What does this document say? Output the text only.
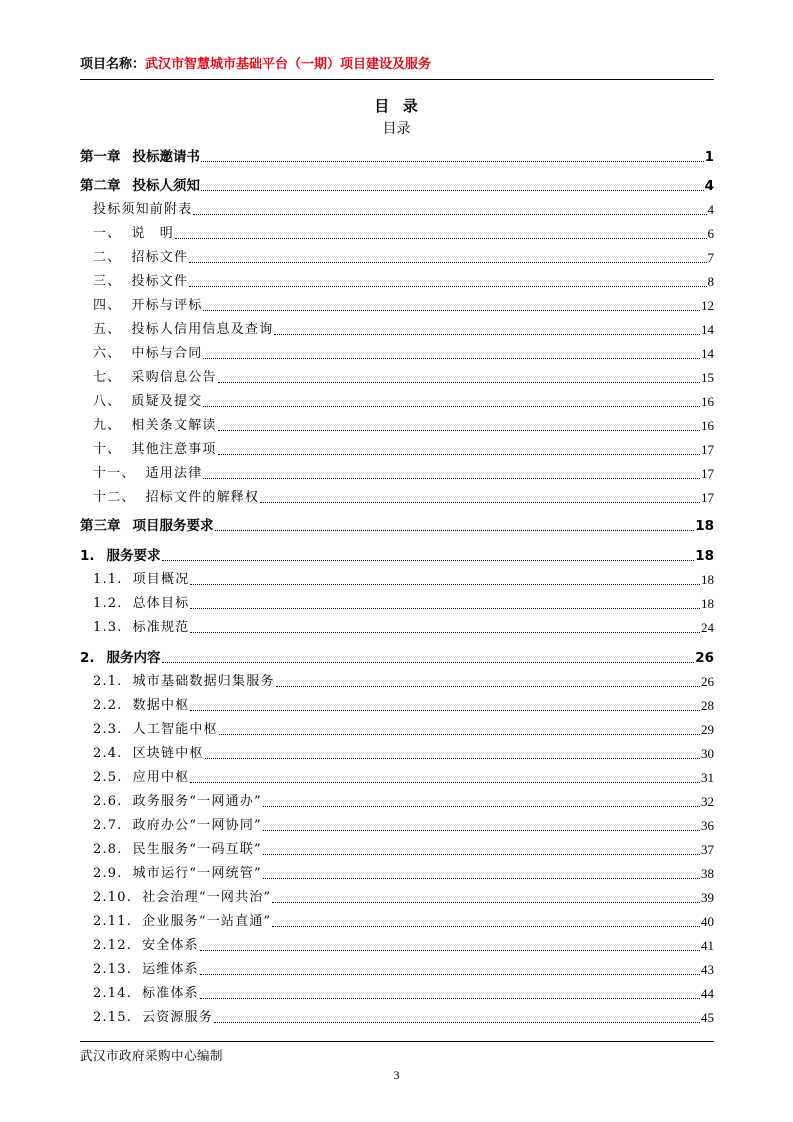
项目名称：武汉市智慧城市基础平台（一期）项目建设及服务
目  录
目录
第一章 投标邀请书	1
第二章 投标人须知	4
投标须知前附表	4
一、 说　明	6
二、 招标文件	7
三、 投标文件	8
四、 开标与评标	12
五、 投标人信用信息及查询	14
六、 中标与合同	14
七、 采购信息公告	15
八、 质疑及提交	16
九、 相关条文解读	16
十、 其他注意事项	17
十一、 适用法律	17
十二、 招标文件的解释权	17
第三章 项目服务要求	18
1. 服务要求	18
1.1. 项目概况	18
1.2. 总体目标	18
1.3. 标准规范	24
2. 服务内容	26
2.1. 城市基础数据归集服务	26
2.2. 数据中枢	28
2.3. 人工智能中枢	29
2.4. 区块链中枢	30
2.5. 应用中枢	31
2.6. 政务服务“一网通办”	32
2.7. 政府办公“一网协同”	36
2.8. 民生服务“一码互联”	37
2.9. 城市运行“一网统管”	38
2.10. 社会治理“一网共治”	39
2.11. 企业服务“一站直通”	40
2.12. 安全体系	41
2.13. 运维体系	43
2.14. 标准体系	44
2.15. 云资源服务	45
武汉市政府采购中心编制
3
